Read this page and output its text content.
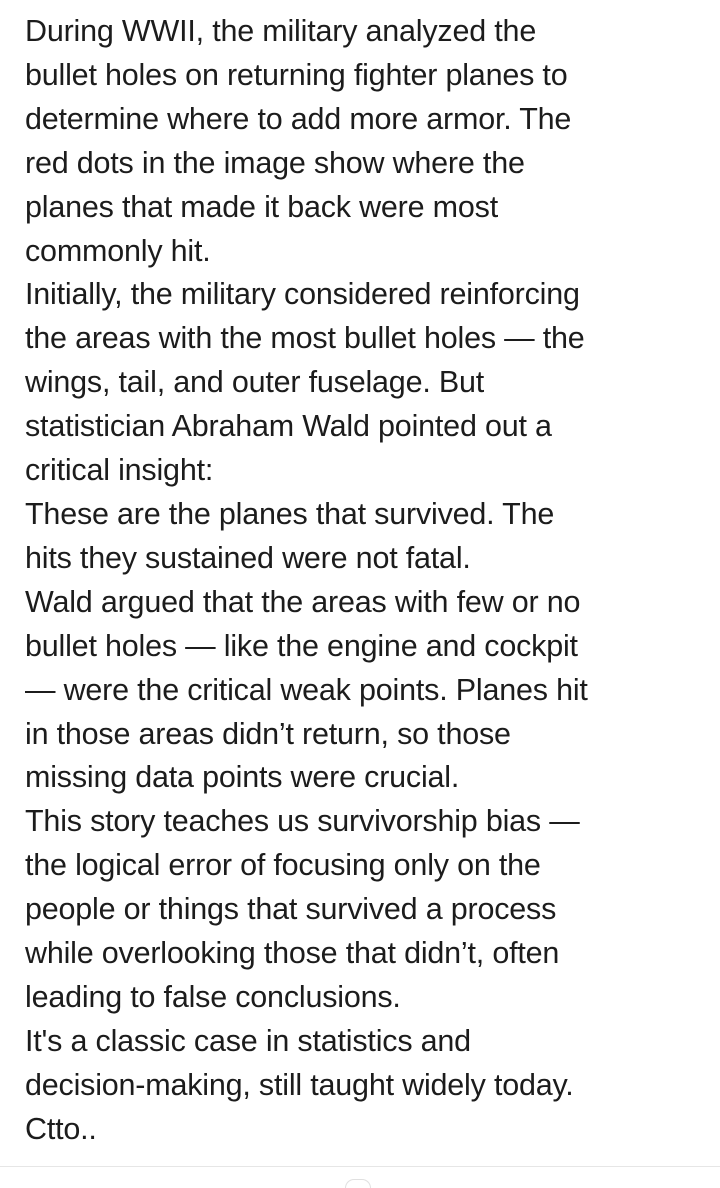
During WWII, the military analyzed the
bullet holes on returning fighter planes to
determine where to add more armor. The
red dots in the image show where the
planes that made it back were most
commonly hit.

Initially, the military considered reinforcing
the areas with the most bullet holes — the
wings, tail, and outer fuselage. But
statistician Abraham Wald pointed out a
critical insight:

These are the planes that survived. The
hits they sustained were not fatal.

Wald argued that the areas with few or no
bullet holes — like the engine and cockpit
— were the critical weak points. Planes hit
in those areas didn’t return, so those
missing data points were crucial.

This story teaches us survivorship bias —
the logical error of focusing only on the
people or things that survived a process
while overlooking those that didn’t, often
leading to false conclusions.

It's a classic case in statistics and
decision-making, still taught widely today.

Ctto..
